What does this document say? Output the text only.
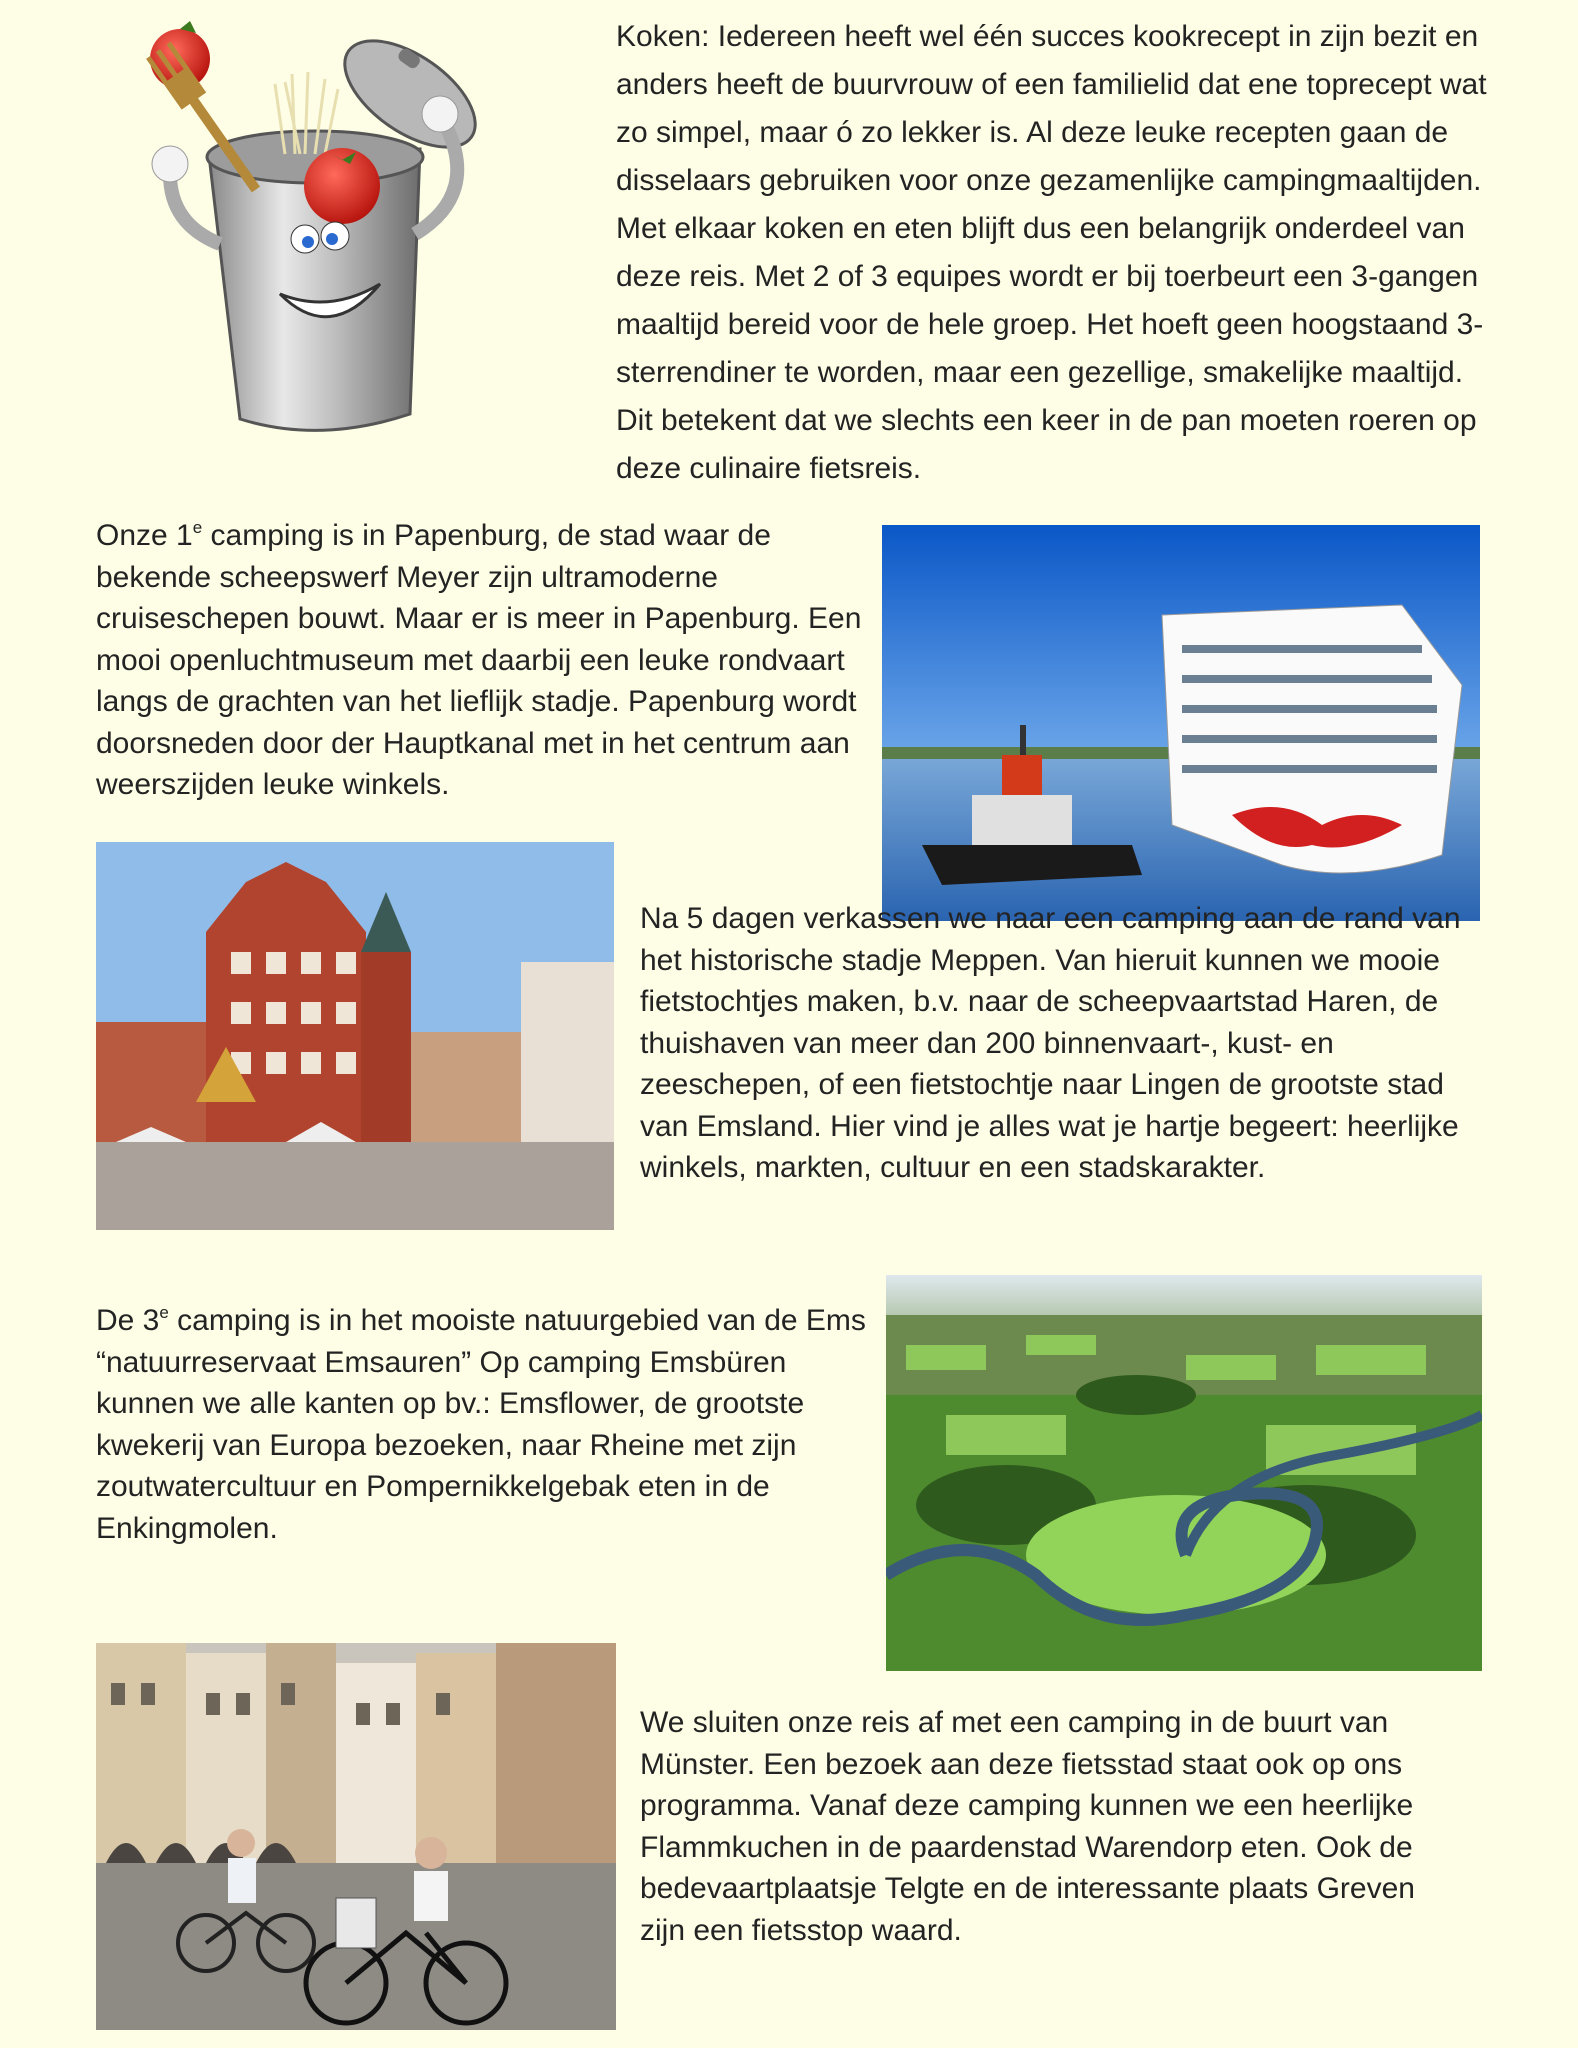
Koken: Iedereen heeft wel één succes kookrecept in zijn bezit en anders heeft de buurvrouw of een familielid dat ene toprecept wat zo simpel, maar ó zo lekker is. Al deze leuke recepten gaan de disselaars gebruiken voor onze gezamenlijke campingmaaltijden. Met elkaar koken en eten blijft dus een belangrijk onderdeel van deze reis. Met 2 of 3 equipes wordt er bij toerbeurt een 3-gangen maaltijd bereid voor de hele groep. Het hoeft geen hoogstaand 3-sterrendiner te worden, maar een gezellige, smakelijke maaltijd. Dit betekent dat we slechts een keer in de pan moeten roeren op deze culinaire fietsreis.

Onze 1e camping is in Papenburg, de stad waar de bekende scheepswerf Meyer zijn ultramoderne cruiseschepen bouwt. Maar er is meer in Papenburg. Een mooi openluchtmuseum met daarbij een leuke rondvaart langs de grachten van het lieflijk stadje. Papenburg wordt doorsneden door der Hauptkanal met in het centrum aan weerszijden leuke winkels.

Na 5 dagen verkassen we naar een camping aan de rand van het historische stadje Meppen. Van hieruit kunnen we mooie fietstochtjes maken, b.v. naar de scheepvaartstad Haren, de thuishaven van meer dan 200 binnenvaart-, kust- en zeeschepen, of een fietstochtje naar Lingen de grootste stad van Emsland. Hier vind je alles wat je hartje begeert: heerlijke winkels, markten, cultuur en een stadskarakter.

De 3e camping is in het mooiste natuurgebied van de Ems “natuurreservaat Emsauren” Op camping Emsbüren kunnen we alle kanten op bv.: Emsflower, de grootste kwekerij van Europa bezoeken, naar Rheine met zijn zoutwatercultuur en Pompernikkelgebak eten in de Enkingmolen.

We sluiten onze reis af met een camping in de buurt van Münster. Een bezoek aan deze fietsstad staat ook op ons programma. Vanaf deze camping kunnen we een heerlijke Flammkuchen in de paardenstad Warendorp eten. Ook de bedevaartplaatsje Telgte en de interessante plaats Greven zijn een fietsstop waard.
